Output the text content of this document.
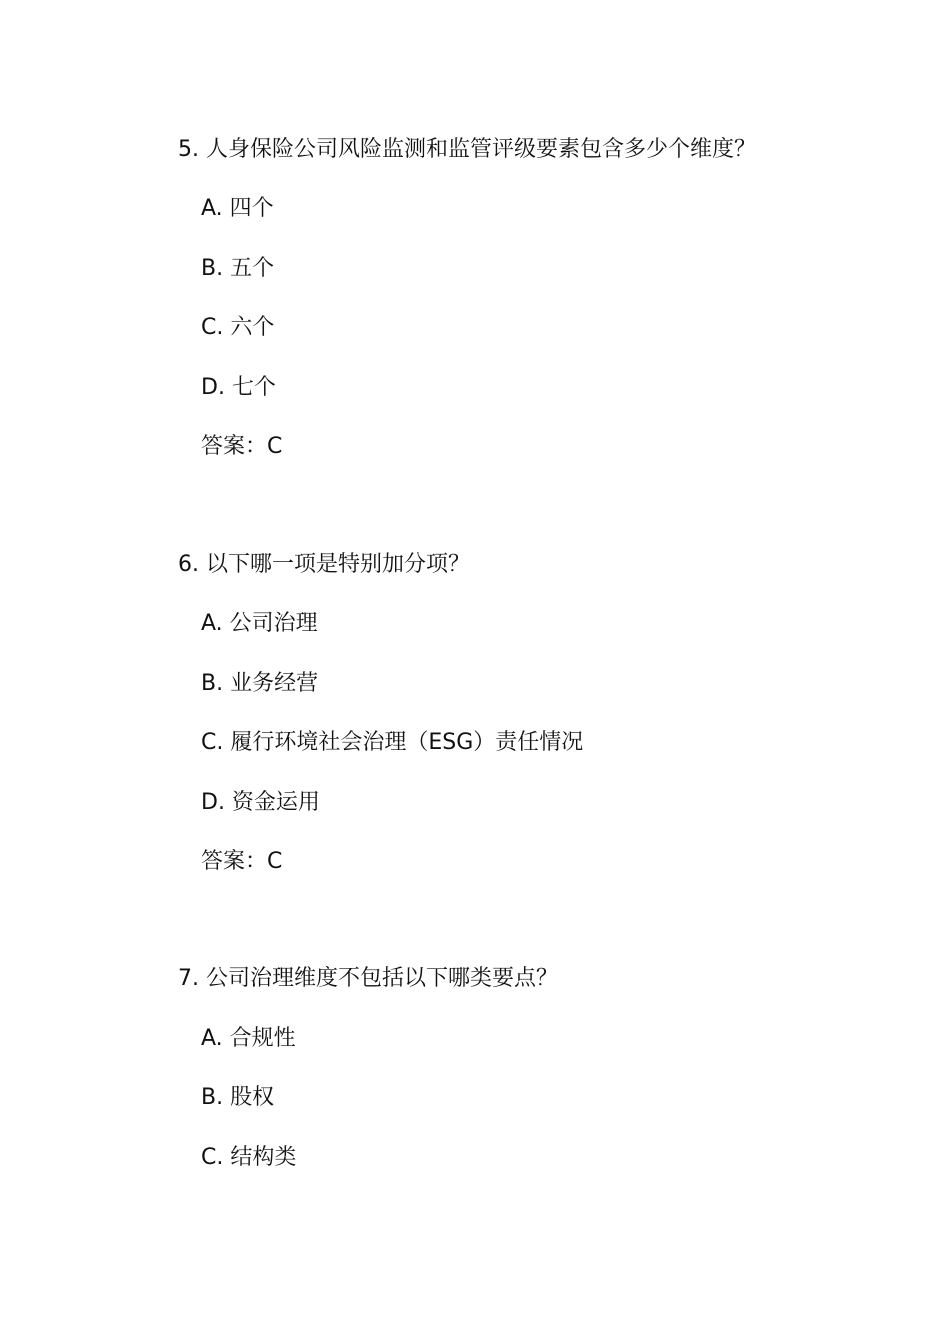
5. 人身保险公司风险监测和监管评级要素包含多少个维度？
A. 四个
B. 五个
C. 六个
D. 七个
答案：C
6. 以下哪一项是特别加分项？
A. 公司治理
B. 业务经营
C. 履行环境社会治理（ESG）责任情况
D. 资金运用
答案：C
7. 公司治理维度不包括以下哪类要点？
A. 合规性
B. 股权
C. 结构类
